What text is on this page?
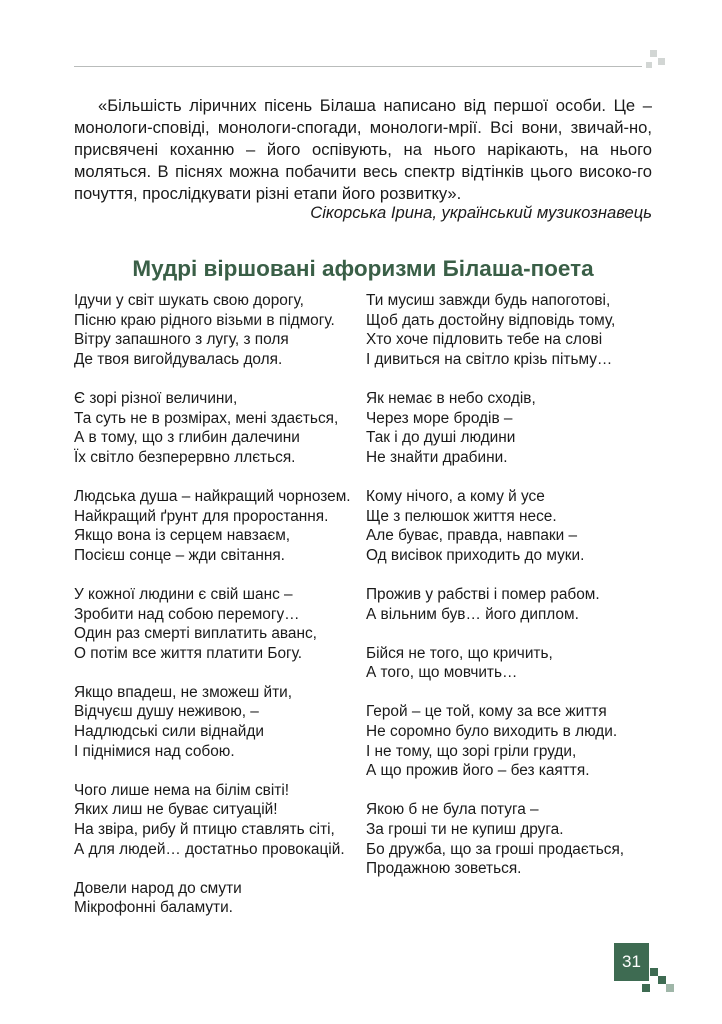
«Більшість ліричних пісень Білаша написано від першої особи. Це – монологи-сповіді, монологи-спогади, монологи-мрії. Всі вони, звичай-но, присвячені коханню – його оспівують, на нього нарікають, на нього моляться. В піснях можна побачити весь спектр відтінків цього високо-го почуття, прослідкувати різні етапи його розвитку».

Сікорська Ірина, український музикознавець
Мудрі віршовані афоризми Білаша-поета

Ідучи у світ шукать свою дорогу,
Пісню краю рідного візьми в підмогу.
Вітру запашного з лугу, з поля
Де твоя вигойдувалась доля.

Є зорі різної величини,
Та суть не в розмірах, мені здається,
А в тому, що з глибин далечини
Їх світло безперервно ллється.

Людська душа – найкращий чорнозем.
Найкращий ґрунт для проростання.
Якщо вона із серцем навзаєм,
Посієш сонце – жди світання.

У кожної людини є свій шанс –
Зробити над собою перемогу…
Один раз смерті виплатить аванс,
О потім все життя платити Богу.

Якщо впадеш, не зможеш йти,
Відчуєш душу неживою, –
Надлюдські сили віднайди
І піднімися над собою.

Чого лише нема на білім світі!
Яких лиш не буває ситуацій!
На звіра, рибу й птицю ставлять сіті,
А для людей… достатньо провокацій.

Довели народ до смути
Мікрофонні баламути.

Ти мусиш завжди будь напоготові,
Щоб дать достойну відповідь тому,
Хто хоче підловить тебе на слові
І дивиться на світло крізь пітьму…

Як немає в небо сходів,
Через море бродів –
Так і до душі людини
Не знайти драбини.

Кому нічого, а кому й усе
Ще з пелюшок життя несе.
Але буває, правда, навпаки –
Од висівок приходить до муки.

Прожив у рабстві і помер рабом.
А вільним був… його диплом.

Бійся не того, що кричить,
А того, що мовчить…

Герой – це той, кому за все життя
Не соромно було виходить в люди.
І не тому, що зорі гріли груди,
А що прожив його – без каяття.

Якою б не була потуга –
За гроші ти не купиш друга.
Бо дружба, що за гроші продається,
Продажною зоветься.

31
